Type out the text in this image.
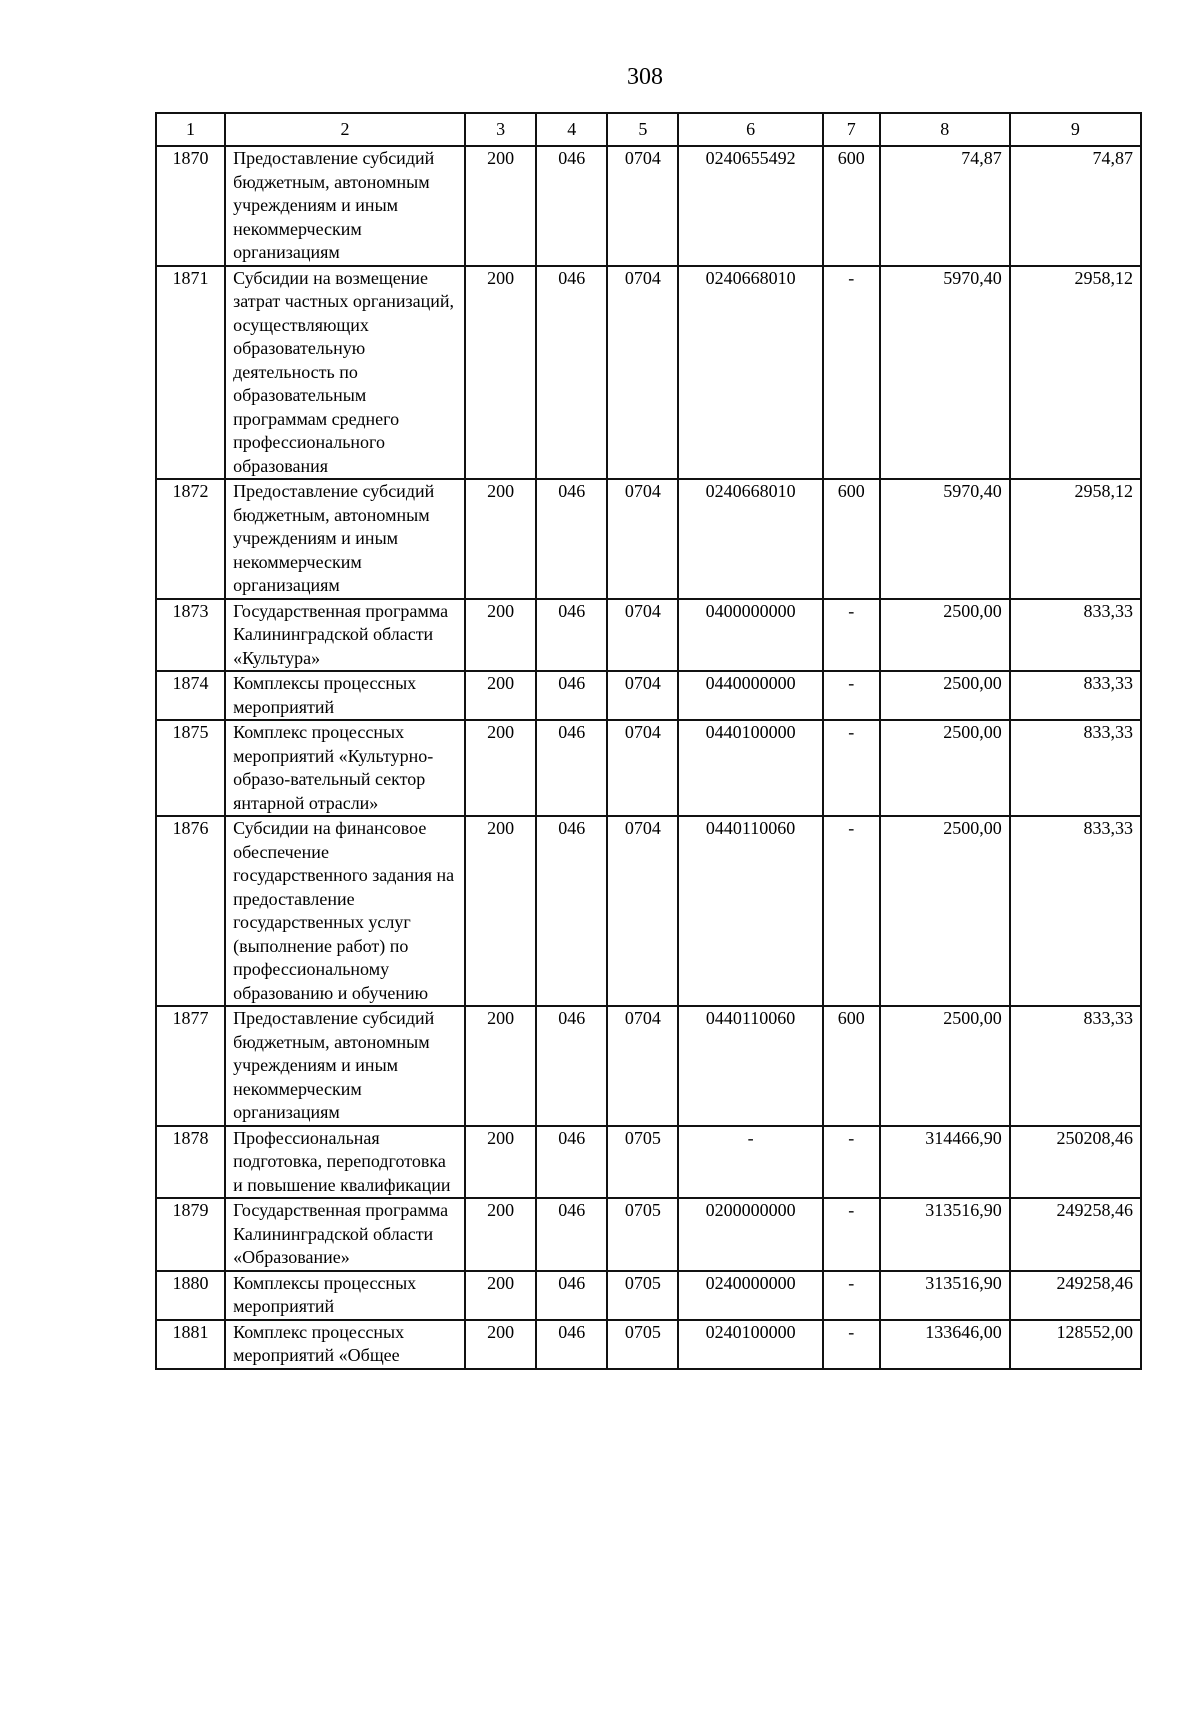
308
1	2	3	4	5	6	7	8	9
1870	Предоставление субсидий бюджетным, автономным учреждениям и иным некоммерческим организациям	200	046	0704	0240655492	600	74,87	74,87
1871	Субсидии на возмещение затрат частных организаций, осуществляющих образовательную деятельность по образовательным программам среднего профессионального образования	200	046	0704	0240668010	-	5970,40	2958,12
1872	Предоставление субсидий бюджетным, автономным учреждениям и иным некоммерческим организациям	200	046	0704	0240668010	600	5970,40	2958,12
1873	Государственная программа Калининградской области «Культура»	200	046	0704	0400000000	-	2500,00	833,33
1874	Комплексы процессных мероприятий	200	046	0704	0440000000	-	2500,00	833,33
1875	Комплекс процессных мероприятий «Культурно-образо-вательный сектор янтарной отрасли»	200	046	0704	0440100000	-	2500,00	833,33
1876	Субсидии на финансовое обеспечение государственного задания на предоставление государственных услуг (выполнение работ) по профессиональному образованию и обучению	200	046	0704	0440110060	-	2500,00	833,33
1877	Предоставление субсидий бюджетным, автономным учреждениям и иным некоммерческим организациям	200	046	0704	0440110060	600	2500,00	833,33
1878	Профессиональная подготовка, переподготовка и повышение квалификации	200	046	0705	-	-	314466,90	250208,46
1879	Государственная программа Калининградской области «Образование»	200	046	0705	0200000000	-	313516,90	249258,46
1880	Комплексы процессных мероприятий	200	046	0705	0240000000	-	313516,90	249258,46
1881	Комплекс процессных мероприятий «Общее	200	046	0705	0240100000	-	133646,00	128552,00
